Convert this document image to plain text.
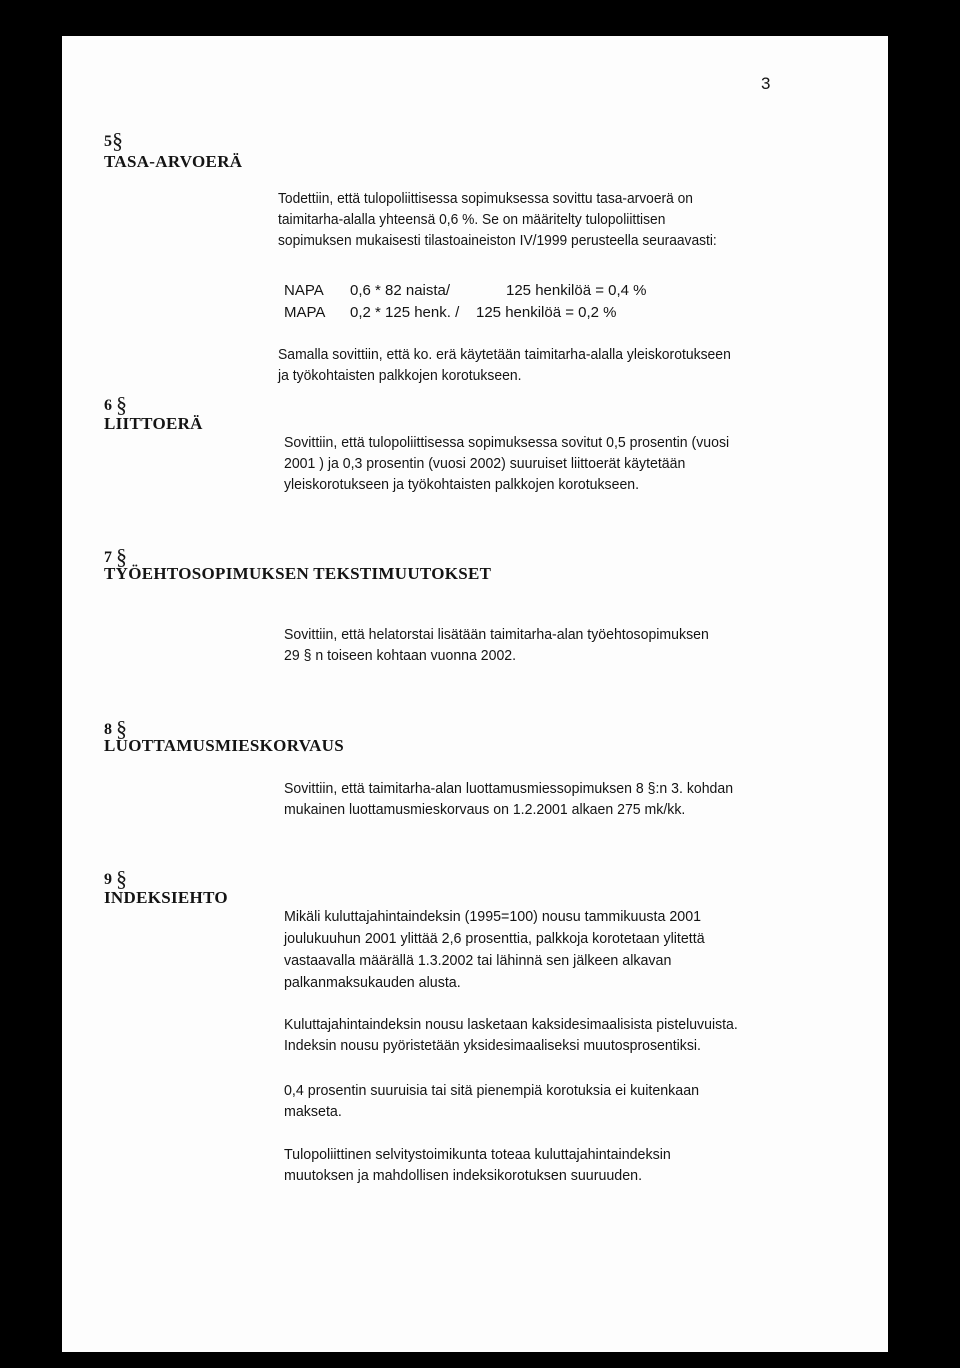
3
5§
TASA-ARVOERÄ
Todettiin, että tulopoliittisessa sopimuksessa sovittu tasa-arvoerä on
taimitarha-alalla yhteensä 0,6 %. Se on määritelty tulopoliittisen
sopimuksen mukaisesti tilastoaineiston IV/1999 perusteella seuraavasti:
NAPA 0,6 * 82 naista/	125 henkilöä = 0,4 %
MAPA 0,2 * 125 henk. / 125 henkilöä = 0,2 %
Samalla sovittiin, että ko. erä käytetään taimitarha-alalla yleiskorotukseen
ja työkohtaisten palkkojen korotukseen.
6 §
LIITTOERÄ
Sovittiin, että tulopoliittisessa sopimuksessa sovitut 0,5 prosentin (vuosi
2001 ) ja 0,3 prosentin (vuosi 2002) suuruiset liittoerät käytetään
yleiskorotukseen ja työkohtaisten palkkojen korotukseen.
7 §
TYÖEHTOSOPIMUKSEN TEKSTIMUUTOKSET
Sovittiin, että helatorstai lisätään taimitarha-alan työehtosopimuksen
29 § n toiseen kohtaan vuonna 2002.
8 §
LUOTTAMUSMIESKORVAUS
Sovittiin, että taimitarha-alan luottamusmiessopimuksen 8 §:n 3. kohdan
mukainen luottamusmieskorvaus on 1.2.2001 alkaen 275 mk/kk.
9 §
INDEKSIEHTO
Mikäli kuluttajahintaindeksin (1995=100) nousu tammikuusta 2001
joulukuuhun 2001 ylittää 2,6 prosenttia, palkkoja korotetaan ylitettä
vastaavalla määrällä 1.3.2002 tai lähinnä sen jälkeen alkavan
palkanmaksukauden alusta.
Kuluttajahintaindeksin nousu lasketaan kaksidesimaalisista pisteluvuista.
Indeksin nousu pyöristetään yksidesimaaliseksi muutosprosentiksi.
0,4 prosentin suuruisia tai sitä pienempiä korotuksia ei kuitenkaan
makseta.
Tulopoliittinen selvitystoimikunta toteaa kuluttajahintaindeksin
muutoksen ja mahdollisen indeksikorotuksen suuruuden.
